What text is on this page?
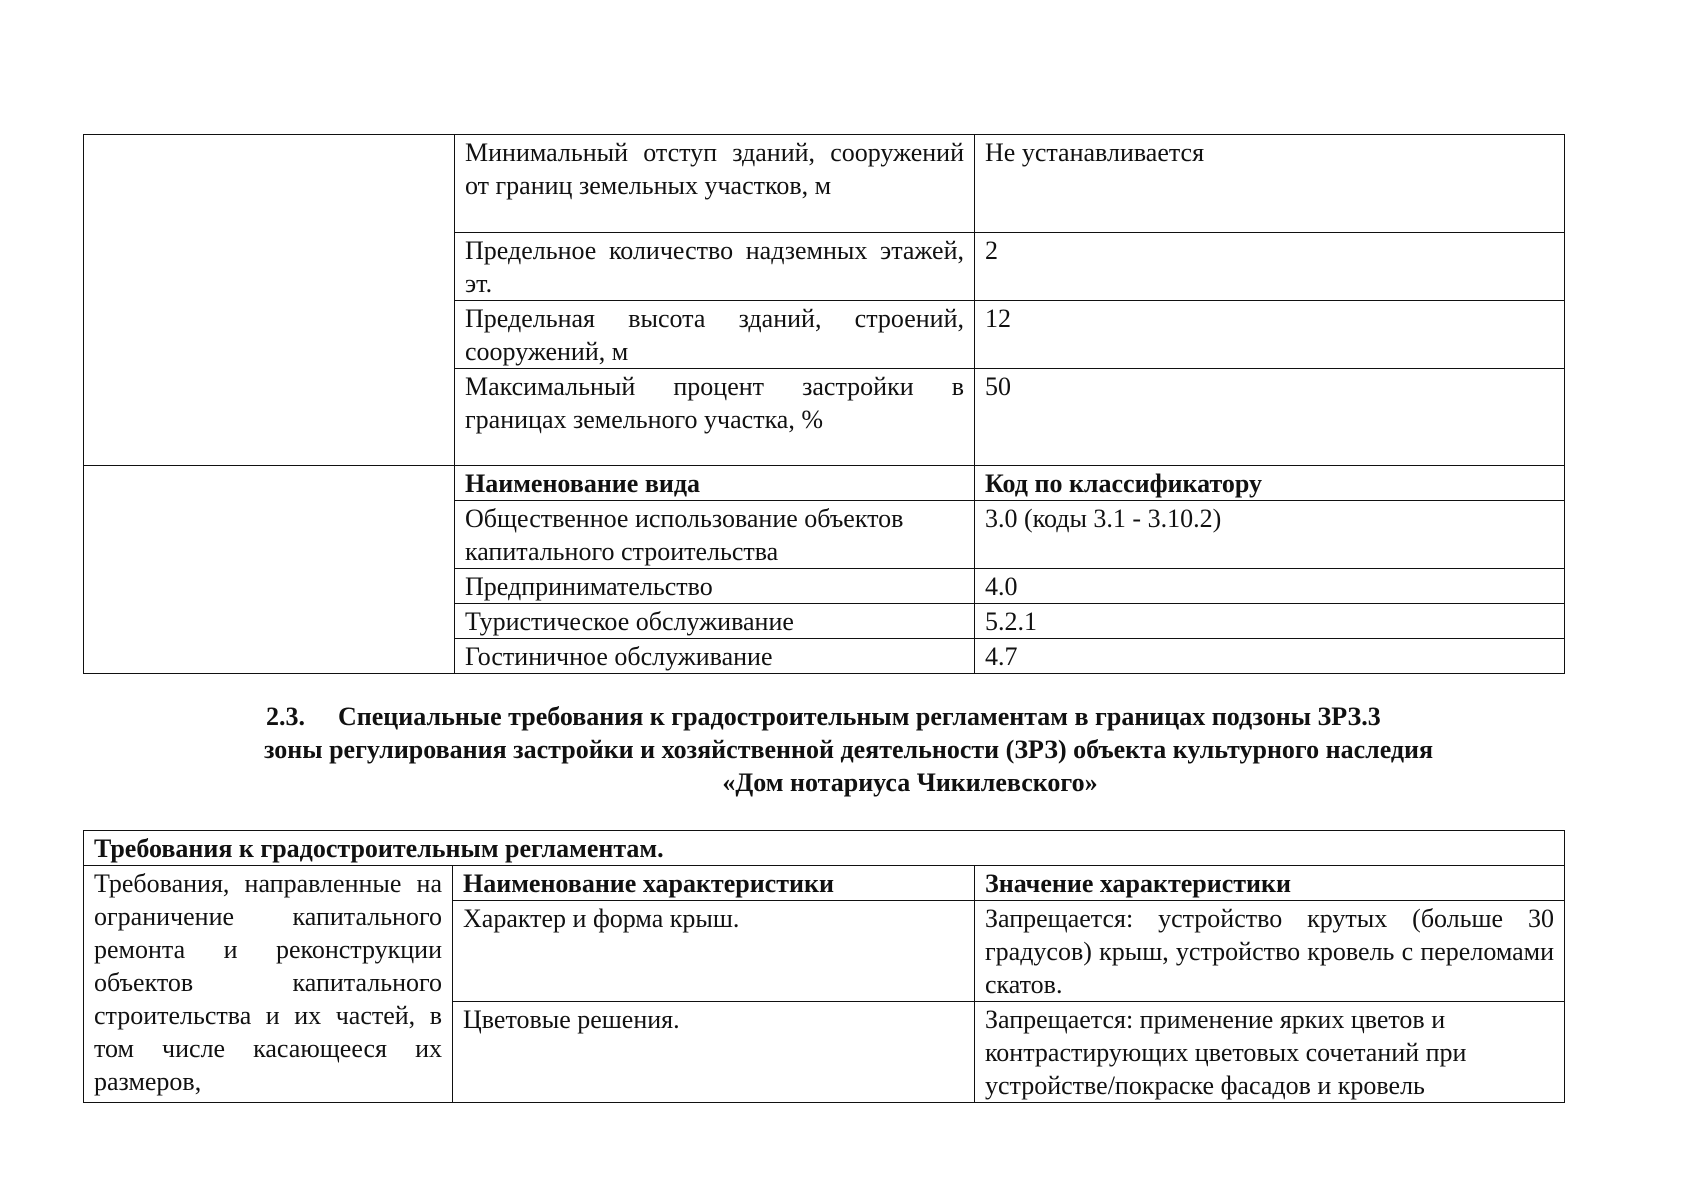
	Минимальный отступ зданий, сооружений от границ земельных участков, м	Не устанавливается
	Предельное количество надземных этажей, эт.	2
	Предельная высота зданий, строений, сооружений, м	12
	Максимальный процент застройки в границах земельного участка, %	50
	Наименование вида	Код по классификатору
	Общественное использование объектов капитального строительства	3.0 (коды 3.1 - 3.10.2)
	Предпринимательство	4.0
	Туристическое обслуживание	5.2.1
	Гостиничное обслуживание	4.7
2.3. Специальные требования к градостроительным регламентам в границах подзоны ЗРЗ.3
зоны регулирования застройки и хозяйственной деятельности (ЗРЗ) объекта культурного наследия
«Дом нотариуса Чикилевского»
Требования к градостроительным регламентам.		
Требования, направленные на ограничение капитального ремонта и реконструкции объектов капитального строительства и их частей, в том числе касающееся их размеров,	Наименование характеристики	Значение характеристики
	Характер и форма крыш.	Запрещается: устройство крутых (больше 30 градусов) крыш, устройство кровель с переломами скатов.
	Цветовые решения.	Запрещается: применение ярких цветов и контрастирующих цветовых сочетаний при устройстве/покраске фасадов и кровель
